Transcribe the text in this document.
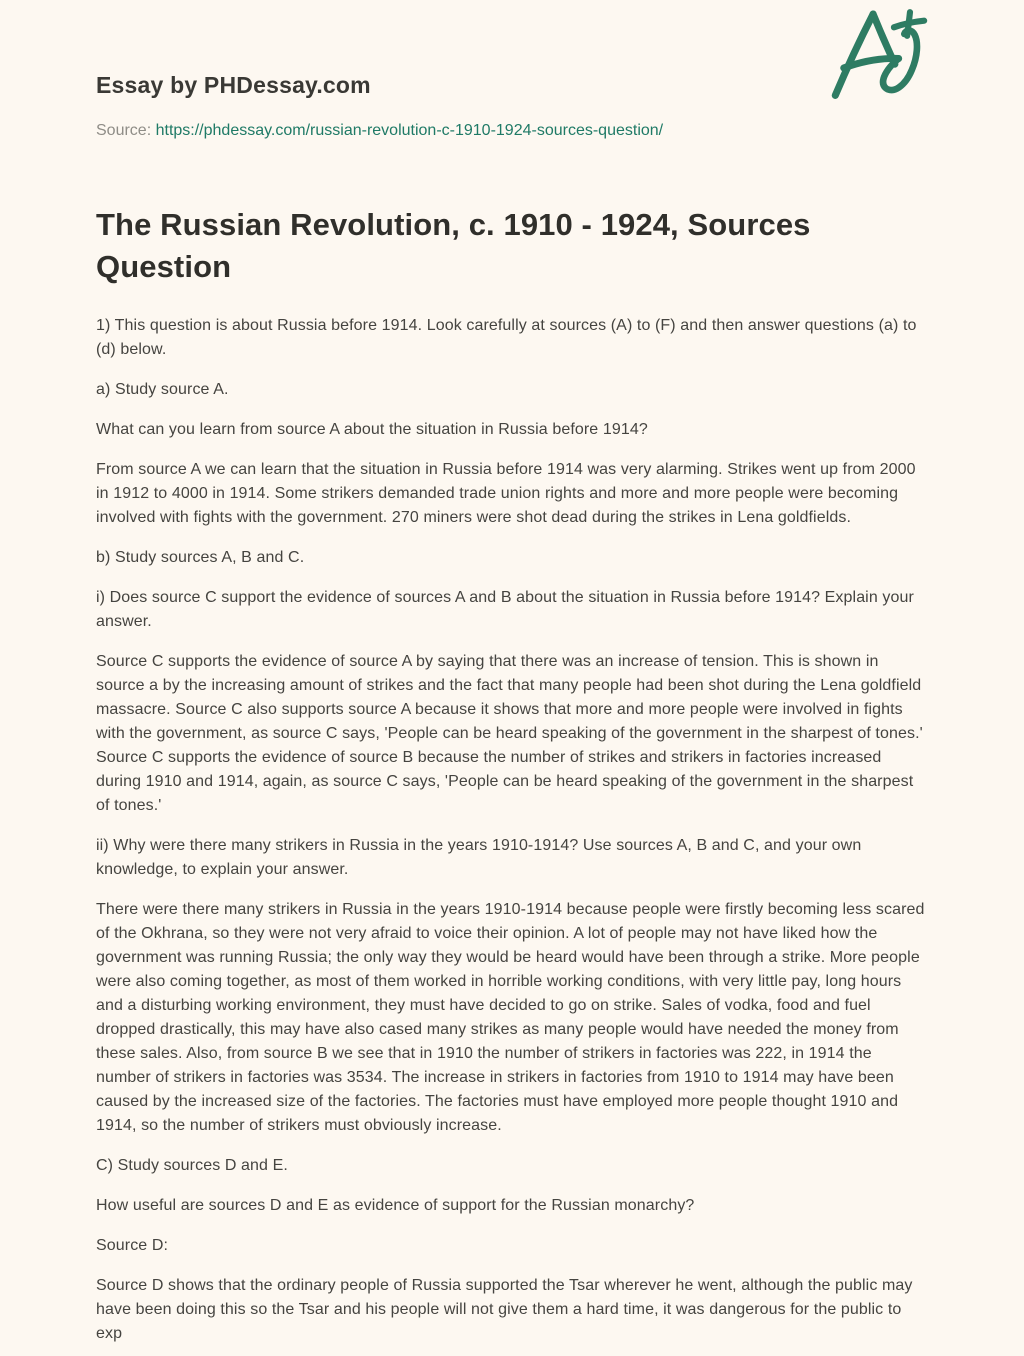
Essay by PHDessay.com
Source: https://phdessay.com/russian-revolution-c-1910-1924-sources-question/
The Russian Revolution, c. 1910 - 1924, Sources Question

1) This question is about Russia before 1914. Look carefully at sources (A) to (F) and then answer questions (a) to (d) below.

a) Study source A.

What can you learn from source A about the situation in Russia before 1914?

From source A we can learn that the situation in Russia before 1914 was very alarming. Strikes went up from 2000 in 1912 to 4000 in 1914. Some strikers demanded trade union rights and more and more people were becoming involved with fights with the government. 270 miners were shot dead during the strikes in Lena goldfields.

b) Study sources A, B and C.

i) Does source C support the evidence of sources A and B about the situation in Russia before 1914? Explain your answer.

Source C supports the evidence of source A by saying that there was an increase of tension. This is shown in source a by the increasing amount of strikes and the fact that many people had been shot during the Lena goldfield massacre. Source C also supports source A because it shows that more and more people were involved in fights with the government, as source C says, 'People can be heard speaking of the government in the sharpest of tones.' Source C supports the evidence of source B because the number of strikes and strikers in factories increased during 1910 and 1914, again, as source C says, 'People can be heard speaking of the government in the sharpest of tones.'

ii) Why were there many strikers in Russia in the years 1910-1914? Use sources A, B and C, and your own knowledge, to explain your answer.

There were there many strikers in Russia in the years 1910-1914 because people were firstly becoming less scared of the Okhrana, so they were not very afraid to voice their opinion. A lot of people may not have liked how the government was running Russia; the only way they would be heard would have been through a strike. More people were also coming together, as most of them worked in horrible working conditions, with very little pay, long hours and a disturbing working environment, they must have decided to go on strike. Sales of vodka, food and fuel dropped drastically, this may have also cased many strikes as many people would have needed the money from these sales. Also, from source B we see that in 1910 the number of strikers in factories was 222, in 1914 the number of strikers in factories was 3534. The increase in strikers in factories from 1910 to 1914 may have been caused by the increased size of the factories. The factories must have employed more people thought 1910 and 1914, so the number of strikers must obviously increase.

C) Study sources D and E.

How useful are sources D and E as evidence of support for the Russian monarchy?

Source D:

Source D shows that the ordinary people of Russia supported the Tsar wherever he went, although the public may have been doing this so the Tsar and his people will not give them a hard time, it was dangerous for the public to exp
